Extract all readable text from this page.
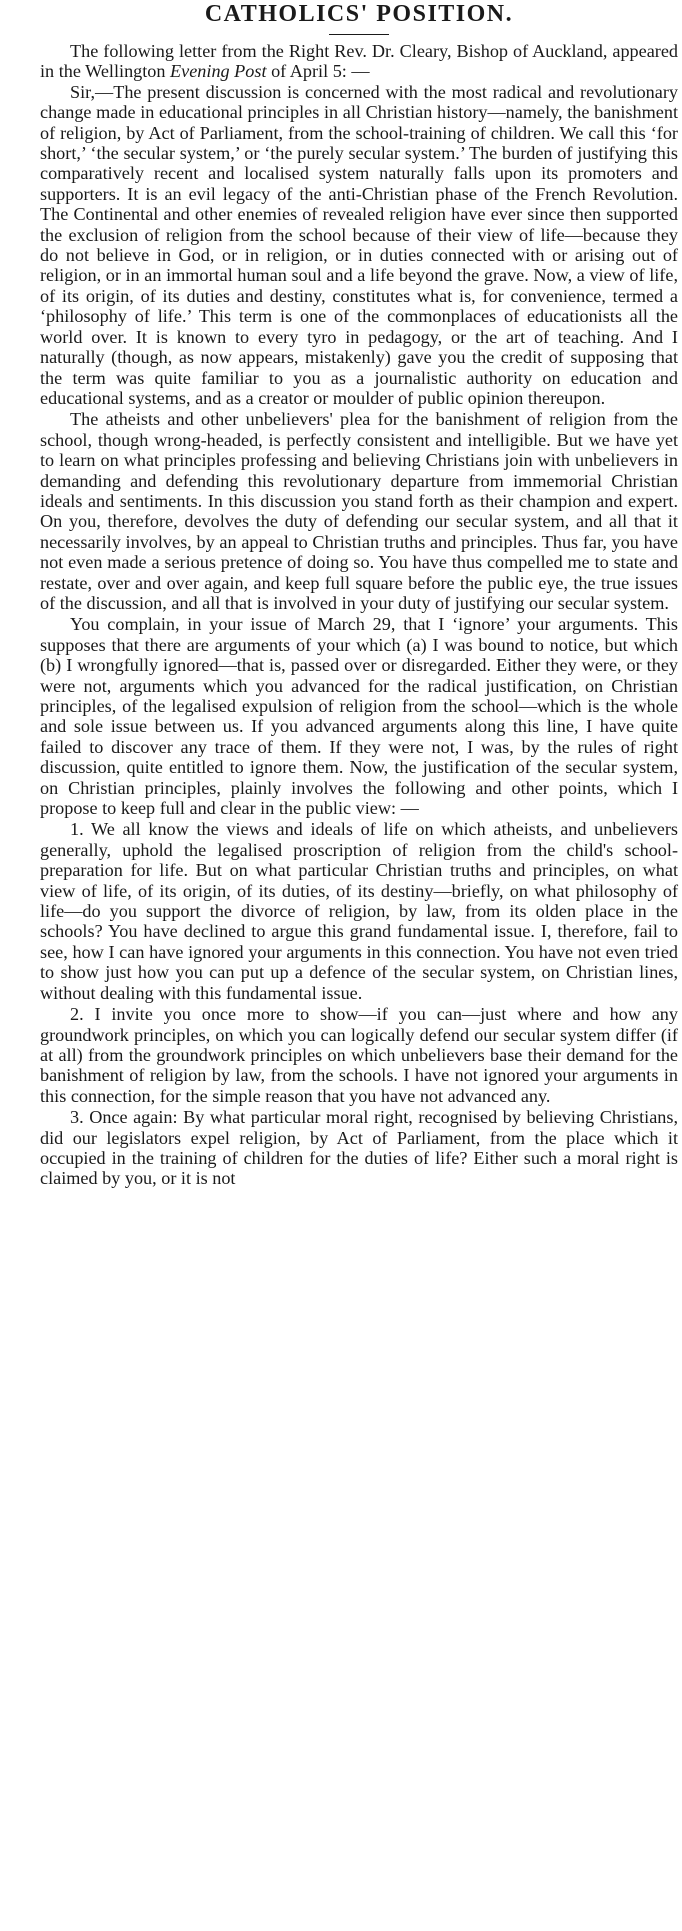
CATHOLICS' POSITION.

The following letter from the Right Rev. Dr. Cleary, Bishop of Auckland, appeared in the Wellington Evening Post of April 5: —

Sir,—The present discussion is concerned with the most radical and revolutionary change made in educational principles in all Christian history—namely, the banishment of religion, by Act of Parliament, from the school-training of children. We call this ‘for short,’ ‘the secular system,’ or ‘the purely secular system.’ The burden of justifying this comparatively recent and localised system naturally falls upon its promoters and supporters. It is an evil legacy of the anti-Christian phase of the French Revolution. The Continental and other enemies of revealed religion have ever since then supported the exclusion of religion from the school because of their view of life—because they do not believe in God, or in religion, or in duties connected with or arising out of religion, or in an immortal human soul and a life beyond the grave. Now, a view of life, of its origin, of its duties and destiny, constitutes what is, for convenience, termed a ‘philosophy of life.’ This term is one of the commonplaces of educationists all the world over. It is known to every tyro in pedagogy, or the art of teaching. And I naturally (though, as now appears, mistakenly) gave you the credit of supposing that the term was quite familiar to you as a journalistic authority on education and educational systems, and as a creator or moulder of public opinion thereupon.

The atheists and other unbelievers' plea for the banishment of religion from the school, though wrong-headed, is perfectly consistent and intelligible. But we have yet to learn on what principles professing and believing Christians join with unbelievers in demanding and defending this revolutionary departure from immemorial Christian ideals and sentiments. In this discussion you stand forth as their champion and expert. On you, therefore, devolves the duty of defending our secular system, and all that it necessarily involves, by an appeal to Christian truths and principles. Thus far, you have not even made a serious pretence of doing so. You have thus compelled me to state and restate, over and over again, and keep full square before the public eye, the true issues of the discussion, and all that is involved in your duty of justifying our secular system.

You complain, in your issue of March 29, that I ‘ignore’ your arguments. This supposes that there are arguments of your which (a) I was bound to notice, but which (b) I wrongfully ignored—that is, passed over or disregarded. Either they were, or they were not, arguments which you advanced for the radical justification, on Christian principles, of the legalised expulsion of religion from the school—which is the whole and sole issue between us. If you advanced arguments along this line, I have quite failed to discover any trace of them. If they were not, I was, by the rules of right discussion, quite entitled to ignore them. Now, the justification of the secular system, on Christian principles, plainly involves the following and other points, which I propose to keep full and clear in the public view: —

1. We all know the views and ideals of life on which atheists, and unbelievers generally, uphold the legalised proscription of religion from the child's school-preparation for life. But on what particular Christian truths and principles, on what view of life, of its origin, of its duties, of its destiny—briefly, on what philosophy of life—do you support the divorce of religion, by law, from its olden place in the schools? You have declined to argue this grand fundamental issue. I, therefore, fail to see, how I can have ignored your arguments in this connection. You have not even tried to show just how you can put up a defence of the secular system, on Christian lines, without dealing with this fundamental issue.

2. I invite you once more to show—if you can—just where and how any groundwork principles, on which you can logically defend our secular system differ (if at all) from the groundwork principles on which unbelievers base their demand for the banishment of religion by law, from the schools. I have not ignored your arguments in this connection, for the simple reason that you have not advanced any.

3. Once again: By what particular moral right, recognised by believing Christians, did our legislators expel religion, by Act of Parliament, from the place which it occupied in the training of children for the duties of life? Either such a moral right is claimed by you, or it is not
